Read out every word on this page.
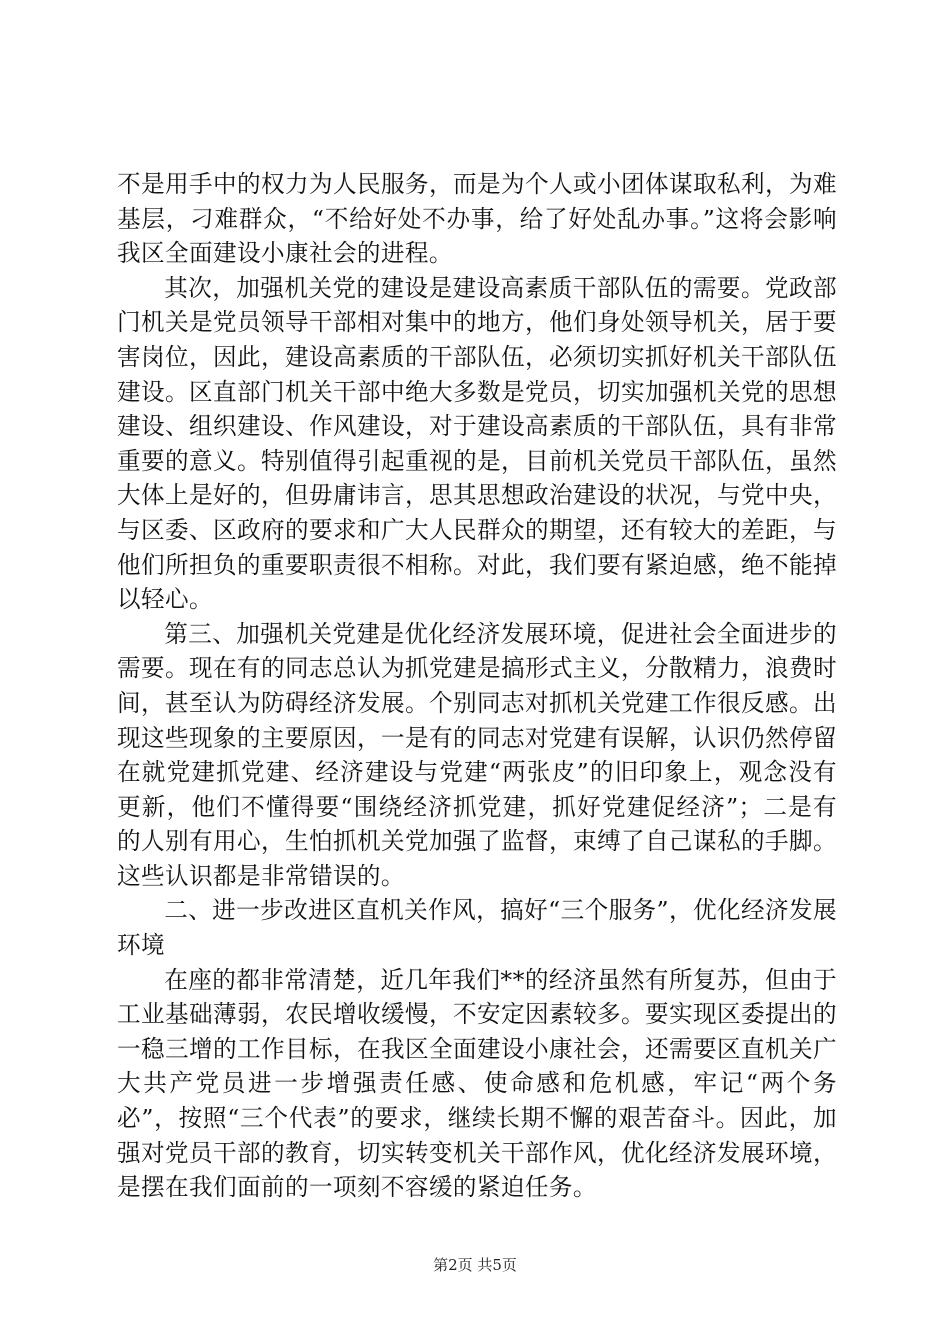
不是用手中的权力为人民服务，而是为个人或小团体谋取私利，为难基层，刁难群众，“不给好处不办事，给了好处乱办事。”这将会影响我区全面建设小康社会的进程。

其次，加强机关党的建设是建设高素质干部队伍的需要。党政部门机关是党员领导干部相对集中的地方，他们身处领导机关，居于要害岗位，因此，建设高素质的干部队伍，必须切实抓好机关干部队伍建设。区直部门机关干部中绝大多数是党员，切实加强机关党的思想建设、组织建设、作风建设，对于建设高素质的干部队伍，具有非常重要的意义。特别值得引起重视的是，目前机关党员干部队伍，虽然大体上是好的，但毋庸讳言，思其思想政治建设的状况，与党中央，与区委、区政府的要求和广大人民群众的期望，还有较大的差距，与他们所担负的重要职责很不相称。对此，我们要有紧迫感，绝不能掉以轻心。

第三、加强机关党建是优化经济发展环境，促进社会全面进步的需要。现在有的同志总认为抓党建是搞形式主义，分散精力，浪费时间，甚至认为防碍经济发展。个别同志对抓机关党建工作很反感。出现这些现象的主要原因，一是有的同志对党建有误解，认识仍然停留在就党建抓党建、经济建设与党建“两张皮”的旧印象上，观念没有更新，他们不懂得要“围绕经济抓党建，抓好党建促经济”；二是有的人别有用心，生怕抓机关党加强了监督，束缚了自己谋私的手脚。这些认识都是非常错误的。

二、进一步改进区直机关作风，搞好“三个服务”，优化经济发展环境

在座的都非常清楚，近几年我们**的经济虽然有所复苏，但由于工业基础薄弱，农民增收缓慢，不安定因素较多。要实现区委提出的一稳三增的工作目标，在我区全面建设小康社会，还需要区直机关广大共产党员进一步增强责任感、使命感和危机感，牢记“两个务必”，按照“三个代表”的要求，继续长期不懈的艰苦奋斗。因此，加强对党员干部的教育，切实转变机关干部作风，优化经济发展环境，是摆在我们面前的一项刻不容缓的紧迫任务。

第2页 共5页
